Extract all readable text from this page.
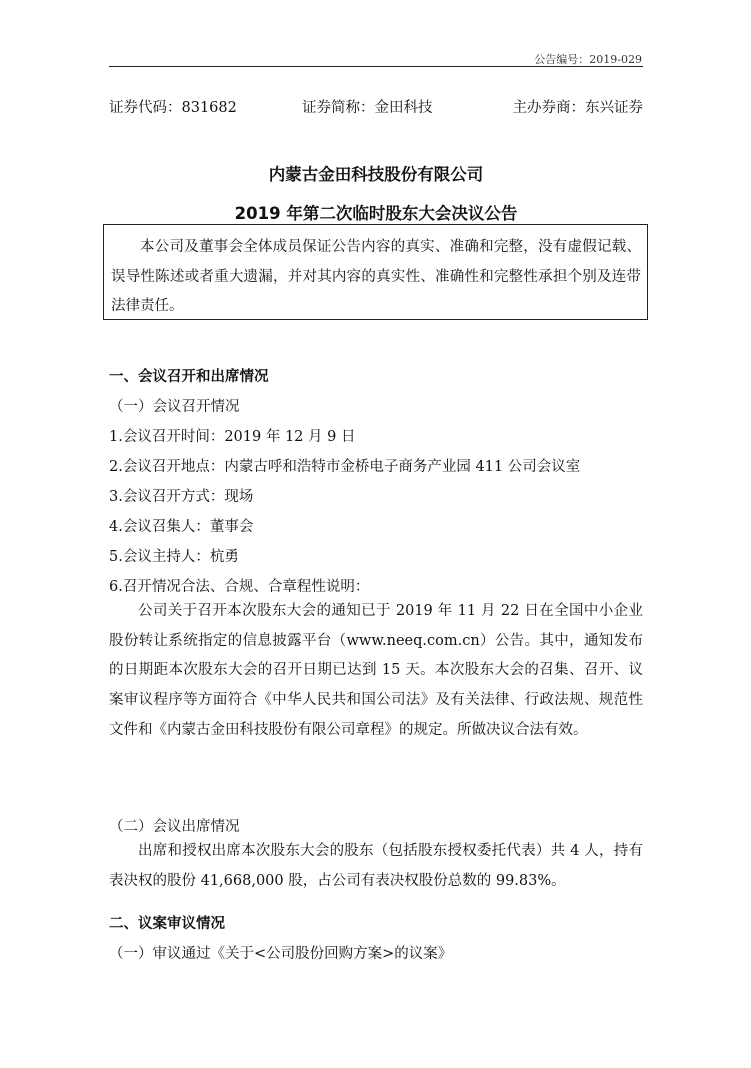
公告编号：2019-029
证券代码：831682	证券简称：金田科技	主办券商：东兴证券
内蒙古金田科技股份有限公司
2019 年第二次临时股东大会决议公告
本公司及董事会全体成员保证公告内容的真实、准确和完整，没有虚假记载、误导性陈述或者重大遗漏，并对其内容的真实性、准确性和完整性承担个别及连带法律责任。
一、会议召开和出席情况
（一）会议召开情况
1.会议召开时间：2019 年 12 月 9 日
2.会议召开地点：内蒙古呼和浩特市金桥电子商务产业园 411 公司会议室
3.会议召开方式：现场
4.会议召集人：董事会
5.会议主持人：杭勇
6.召开情况合法、合规、合章程性说明：
公司关于召开本次股东大会的通知已于 2019 年 11 月 22 日在全国中小企业股份转让系统指定的信息披露平台（www.neeq.com.cn）公告。其中，通知发布的日期距本次股东大会的召开日期已达到 15 天。本次股东大会的召集、召开、议案审议程序等方面符合《中华人民共和国公司法》及有关法律、行政法规、规范性文件和《内蒙古金田科技股份有限公司章程》的规定。所做决议合法有效。
（二）会议出席情况
出席和授权出席本次股东大会的股东（包括股东授权委托代表）共 4 人，持有表决权的股份 41,668,000 股，占公司有表决权股份总数的 99.83%。
二、议案审议情况
（一）审议通过《关于<公司股份回购方案>的议案》
